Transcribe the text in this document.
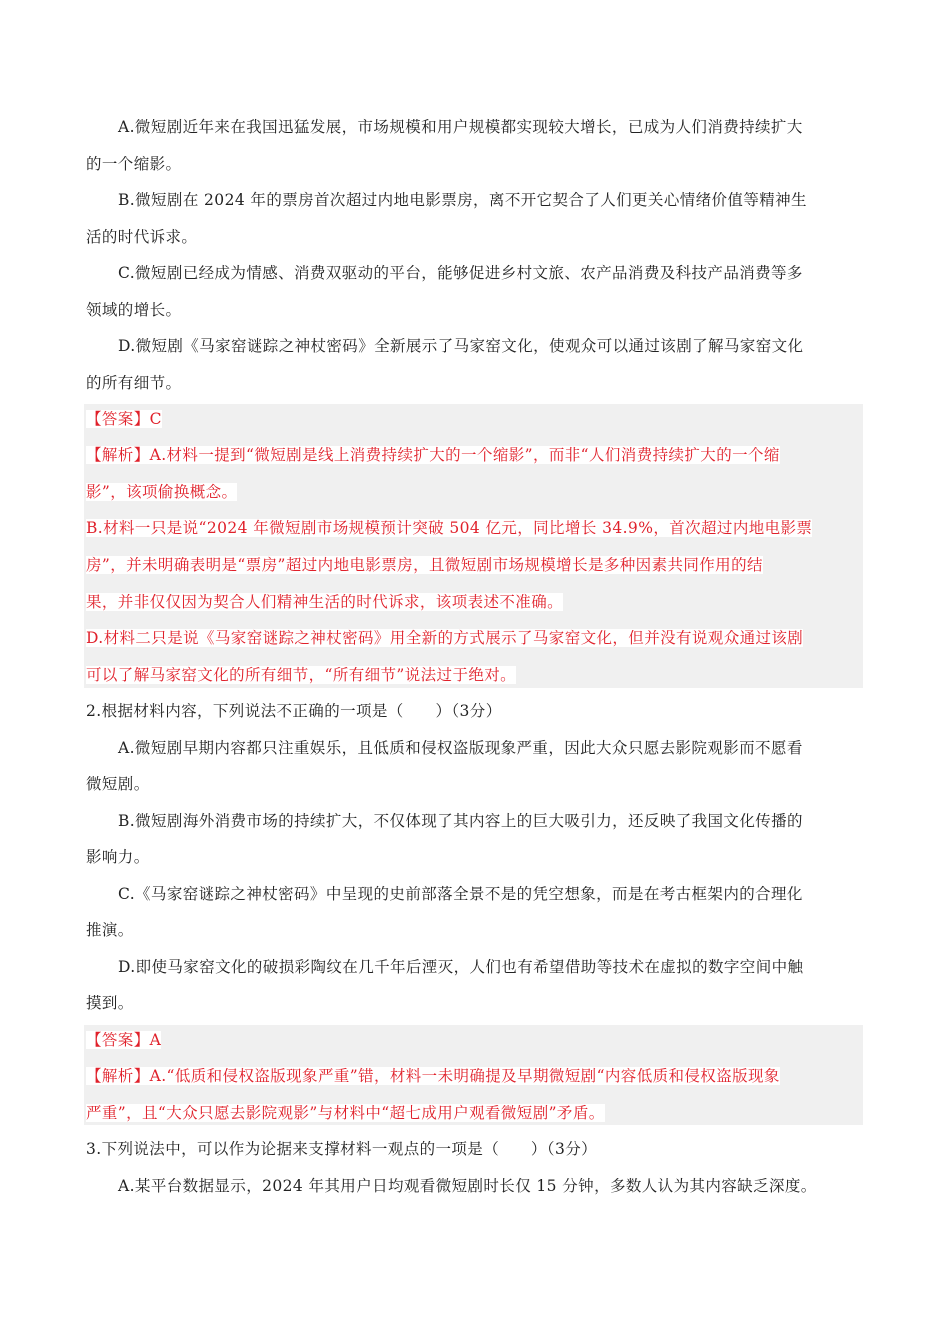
A.微短剧近年来在我国迅猛发展，市场规模和用户规模都实现较大增长，已成为人们消费持续扩大
的一个缩影。
B.微短剧在 2024 年的票房首次超过内地电影票房，离不开它契合了人们更关心情绪价值等精神生
活的时代诉求。
C.微短剧已经成为情感、消费双驱动的平台，能够促进乡村文旅、农产品消费及科技产品消费等多
领域的增长。
D.微短剧《马家窑谜踪之神杖密码》全新展示了马家窑文化，使观众可以通过该剧了解马家窑文化
的所有细节。
【答案】C
【解析】A.材料一提到“微短剧是线上消费持续扩大的一个缩影”，而非“人们消费持续扩大的一个缩
影”，该项偷换概念。
B.材料一只是说“2024 年微短剧市场规模预计突破 504 亿元，同比增长 34.9%，首次超过内地电影票
房”，并未明确表明是“票房”超过内地电影票房，且微短剧市场规模增长是多种因素共同作用的结
果，并非仅仅因为契合人们精神生活的时代诉求，该项表述不准确。
D.材料二只是说《马家窑谜踪之神杖密码》用全新的方式展示了马家窑文化，但并没有说观众通过该剧
可以了解马家窑文化的所有细节，“所有细节”说法过于绝对。
2.根据材料内容，下列说法不正确的一项是（　　）（3分）
A.微短剧早期内容都只注重娱乐，且低质和侵权盗版现象严重，因此大众只愿去影院观影而不愿看
微短剧。
B.微短剧海外消费市场的持续扩大，不仅体现了其内容上的巨大吸引力，还反映了我国文化传播的
影响力。
C.《马家窑谜踪之神杖密码》中呈现的史前部落全景不是的凭空想象，而是在考古框架内的合理化
推演。
D.即使马家窑文化的破损彩陶纹在几千年后湮灭，人们也有希望借助等技术在虚拟的数字空间中触
摸到。
【答案】A
【解析】A.“低质和侵权盗版现象严重”错，材料一未明确提及早期微短剧“内容低质和侵权盗版现象
严重”，且“大众只愿去影院观影”与材料中“超七成用户观看微短剧”矛盾。
3.下列说法中，可以作为论据来支撑材料一观点的一项是（　　）（3分）
A.某平台数据显示，2024 年其用户日均观看微短剧时长仅 15 分钟，多数人认为其内容缺乏深度。
